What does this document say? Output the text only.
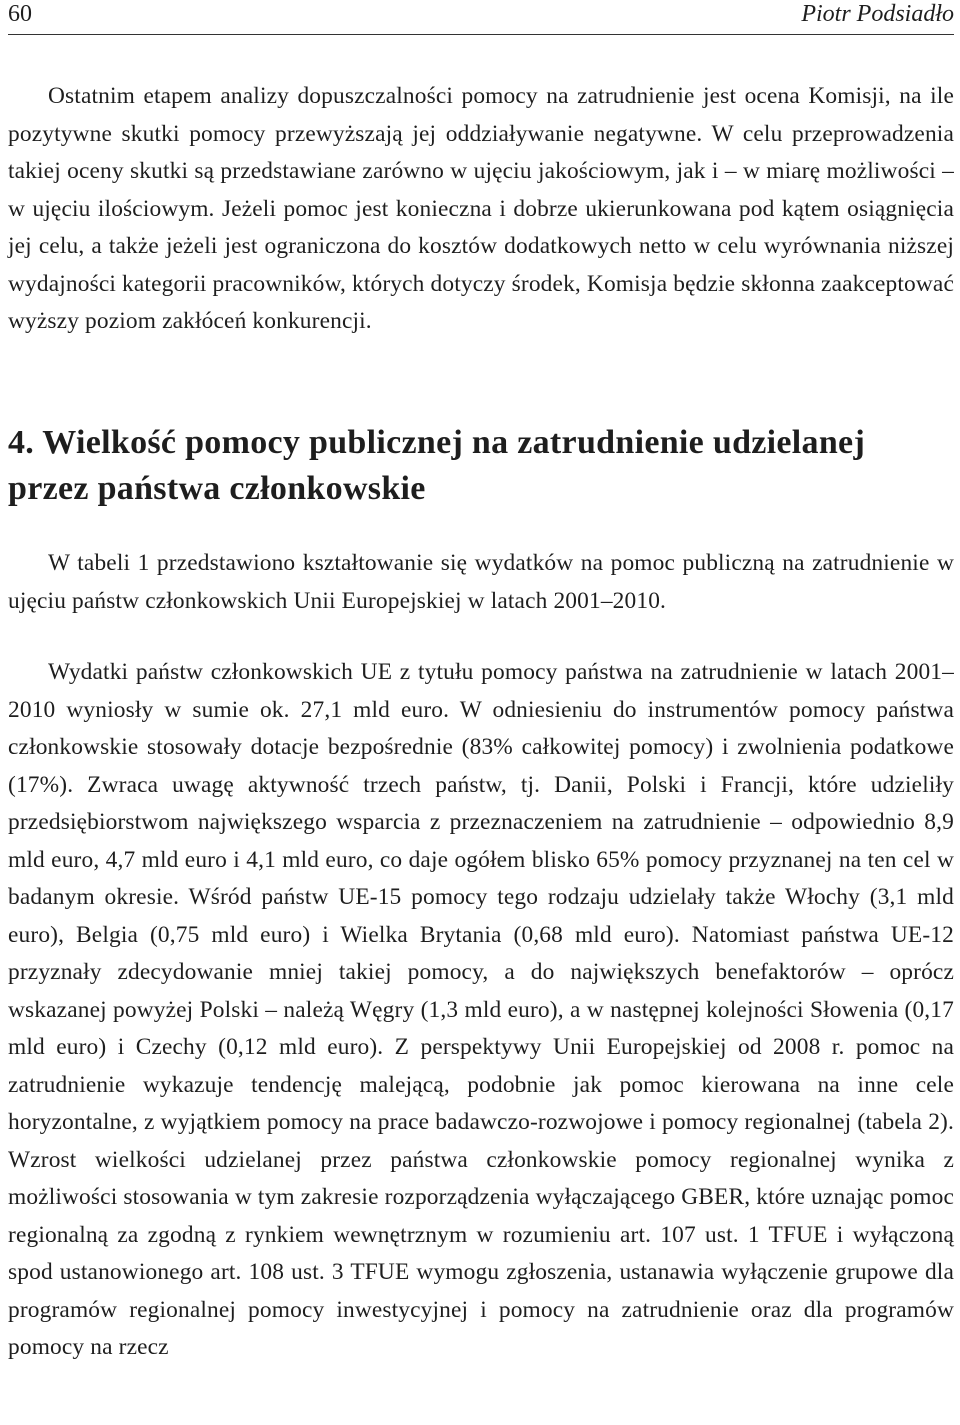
60	Piotr Podsiadło

Ostatnim etapem analizy dopuszczalności pomocy na zatrudnienie jest ocena Komisji, na ile pozytywne skutki pomocy przewyższają jej oddziaływanie negatywne. W celu przeprowadzenia takiej oceny skutki są przedstawiane zarówno w ujęciu jakościowym, jak i – w miarę możliwości – w ujęciu ilościowym. Jeżeli pomoc jest konieczna i dobrze ukierunkowana pod kątem osiągnięcia jej celu, a także jeżeli jest ograniczona do kosztów dodatkowych netto w celu wyrównania niższej wydajności kategorii pracowników, których dotyczy środek, Komisja będzie skłonna zaakceptować wyższy poziom zakłóceń konkurencji.

4. Wielkość pomocy publicznej na zatrudnienie udzielanej przez państwa członkowskie

W tabeli 1 przedstawiono kształtowanie się wydatków na pomoc publiczną na zatrudnienie w ujęciu państw członkowskich Unii Europejskiej w latach 2001–2010.

Wydatki państw członkowskich UE z tytułu pomocy państwa na zatrudnienie w latach 2001–2010 wyniosły w sumie ok. 27,1 mld euro. W odniesieniu do instrumentów pomocy państwa członkowskie stosowały dotacje bezpośrednie (83% całkowitej pomocy) i zwolnienia podatkowe (17%). Zwraca uwagę aktywność trzech państw, tj. Danii, Polski i Francji, które udzieliły przedsiębiorstwom największego wsparcia z przeznaczeniem na zatrudnienie – odpowiednio 8,9 mld euro, 4,7 mld euro i 4,1 mld euro, co daje ogółem blisko 65% pomocy przyznanej na ten cel w badanym okresie. Wśród państw UE-15 pomocy tego rodzaju udzielały także Włochy (3,1 mld euro), Belgia (0,75 mld euro) i Wielka Brytania (0,68 mld euro). Natomiast państwa UE-12 przyznały zdecydowanie mniej takiej pomocy, a do największych benefaktorów – oprócz wskazanej powyżej Polski – należą Węgry (1,3 mld euro), a w następnej kolejności Słowenia (0,17 mld euro) i Czechy (0,12 mld euro). Z perspektywy Unii Europejskiej od 2008 r. pomoc na zatrudnienie wykazuje tendencję malejącą, podobnie jak pomoc kierowana na inne cele horyzontalne, z wyjątkiem pomocy na prace badawczo-rozwojowe i pomocy regionalnej (tabela 2). Wzrost wielkości udzielanej przez państwa członkowskie pomocy regionalnej wynika z możliwości stosowania w tym zakresie rozporządzenia wyłączającego GBER, które uznając pomoc regionalną za zgodną z rynkiem wewnętrznym w rozumieniu art. 107 ust. 1 TFUE i wyłączoną spod ustanowionego art. 108 ust. 3 TFUE wymogu zgłoszenia, ustanawia wyłączenie grupowe dla programów regionalnej pomocy inwestycyjnej i pomocy na zatrudnienie oraz dla programów pomocy na rzecz
